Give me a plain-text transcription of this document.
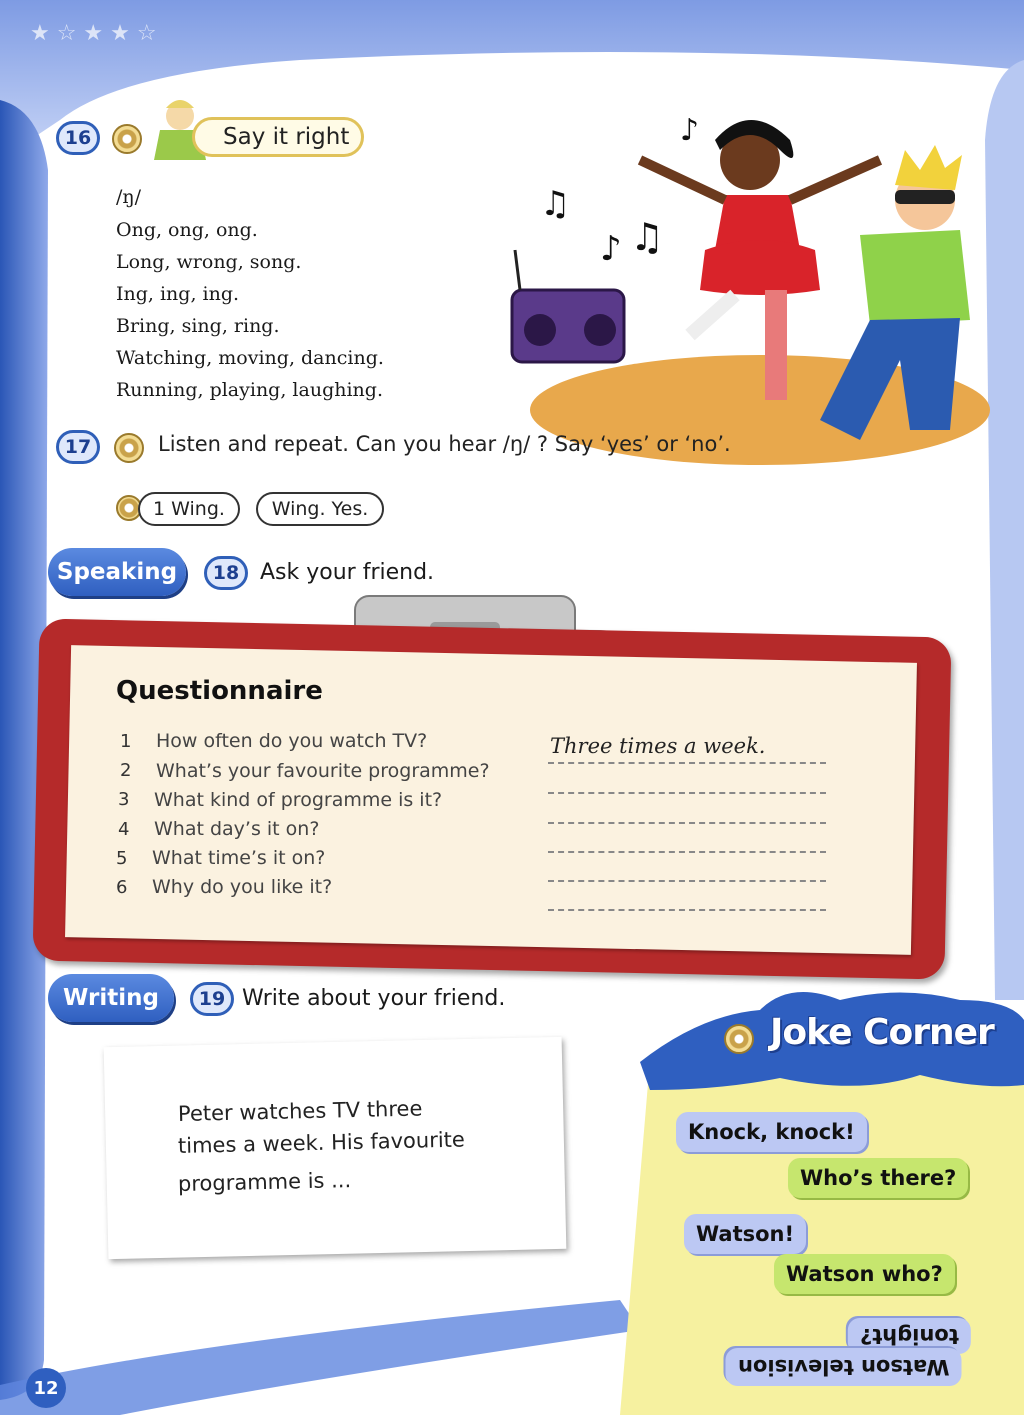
★ ☆ ★ ★ ☆
♫
♪
♪
♫
16	Say it right
/ŋ/
Ong, ong, ong.
Long, wrong, song.
Ing, ing, ing.
Bring, sing, ring.
Watching, moving, dancing.
Running, playing, laughing.
17	Listen and repeat. Can you hear /ŋ/ ? Say ‘yes’ or ‘no’.
1 Wing.	Wing. Yes.
Speaking	18 Ask your friend.
Questionnaire
1 How often do you watch TV?
2 What’s your favourite programme?
3 What kind of programme is it?
4 What day’s it on?
5 What time’s it on?
6 Why do you like it?
Three times a week.
Writing	19 Write about your friend.
Peter watches TV three
times a week. His favourite
programme is ...
Joke Corner
Knock, knock!
Who’s there?
Watson!
Watson who?
tonight?
Watson television
12
